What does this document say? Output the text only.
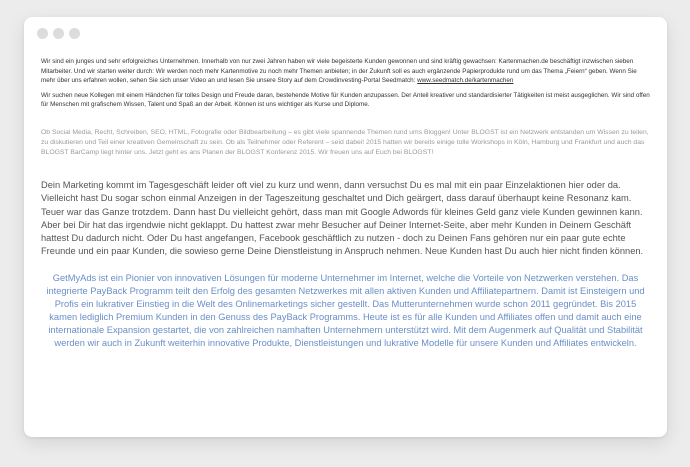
Wir sind ein junges und sehr erfolgreiches Unternehmen. Innerhalb von nur zwei Jahren haben wir viele begeisterte Kunden gewonnen und sind kräftig gewachsen: Kartenmachen.de beschäftigt inzwischen sieben Mitarbeiter. Und wir starten weiter durch: Wir werden noch mehr Kartenmotive zu noch mehr Themen anbieten; in der Zukunft soll es auch ergänzende Papierprodukte rund um das Thema „Feiern“ geben. Wenn Sie mehr über uns erfahren wollen, sehen Sie sich unser Video an und lesen Sie unsere Story auf dem Crowdinvesting-Portal Seedmatch: www.seedmatch.de/kartenmachen

Wir suchen neue Kollegen mit einem Händchen für tolles Design und Freude daran, bestehende Motive für Kunden anzupassen. Der Anteil kreativer und standardisierter Tätigkeiten ist meist ausgeglichen. Wir sind offen für Menschen mit grafischem Wissen, Talent und Spaß an der Arbeit. Können ist uns wichtiger als Kurse und Diplome.

Ob Social Media, Recht, Schreiben, SEO, HTML, Fotografie oder Bildbearbeitung – es gibt viele spannende Themen rund ums Bloggen! Unter BLOGST ist ein Netzwerk entstanden um Wissen zu teilen, zu diskutieren und Teil einer kreativen Gemeinschaft zu sein. Ob als Teilnehmer oder Referent – seid dabei! 2015 hatten wir bereits einige tolle Workshops in Köln, Hamburg und Frankfurt und auch das BLOGST BarCamp liegt hinter uns. Jetzt geht es ans Planen der BLOGST Konferenz 2015. Wir freuen uns auf Euch bei BLOGST!

Dein Marketing kommt im Tagesgeschäft leider oft viel zu kurz und wenn, dann versuchst Du es mal mit ein paar Einzelaktionen hier oder da. Vielleicht hast Du sogar schon einmal Anzeigen in der Tageszeitung geschaltet und Dich geärgert, dass darauf überhaupt keine Resonanz kam. Teuer war das Ganze trotzdem. Dann hast Du vielleicht gehört, dass man mit Google Adwords für kleines Geld ganz viele Kunden gewinnen kann. Aber bei Dir hat das irgendwie nicht geklappt. Du hattest zwar mehr Besucher auf Deiner Internet-Seite, aber mehr Kunden in Deinem Geschäft hattest Du dadurch nicht. Oder Du hast angefangen, Facebook geschäftlich zu nutzen - doch zu Deinen Fans gehören nur ein paar gute echte Freunde und ein paar Kunden, die sowieso gerne Deine Dienstleistung in Anspruch nehmen. Neue Kunden hast Du auch hier nicht finden können.

GetMyAds ist ein Pionier von innovativen Lösungen für moderne Unternehmer im Internet, welche die Vorteile von Netzwerken verstehen. Das integrierte PayBack Programm teilt den Erfolg des gesamten Netzwerkes mit allen aktiven Kunden und Affiliatepartnern. Damit ist Einsteigern und Profis ein lukrativer Einstieg in die Welt des Onlinemarketings sicher gestellt. Das Mutterunternehmen wurde schon 2011 gegründet. Bis 2015 kamen lediglich Premium Kunden in den Genuss des PayBack Programms. Heute ist es für alle Kunden und Affiliates offen und damit auch eine internationale Expansion gestartet, die von zahlreichen namhaften Unternehmern unterstützt wird. Mit dem Augenmerk auf Qualität und Stabilität werden wir auch in Zukunft weiterhin innovative Produkte, Dienstleistungen und lukrative Modelle für unsere Kunden und Affiliates entwickeln.
